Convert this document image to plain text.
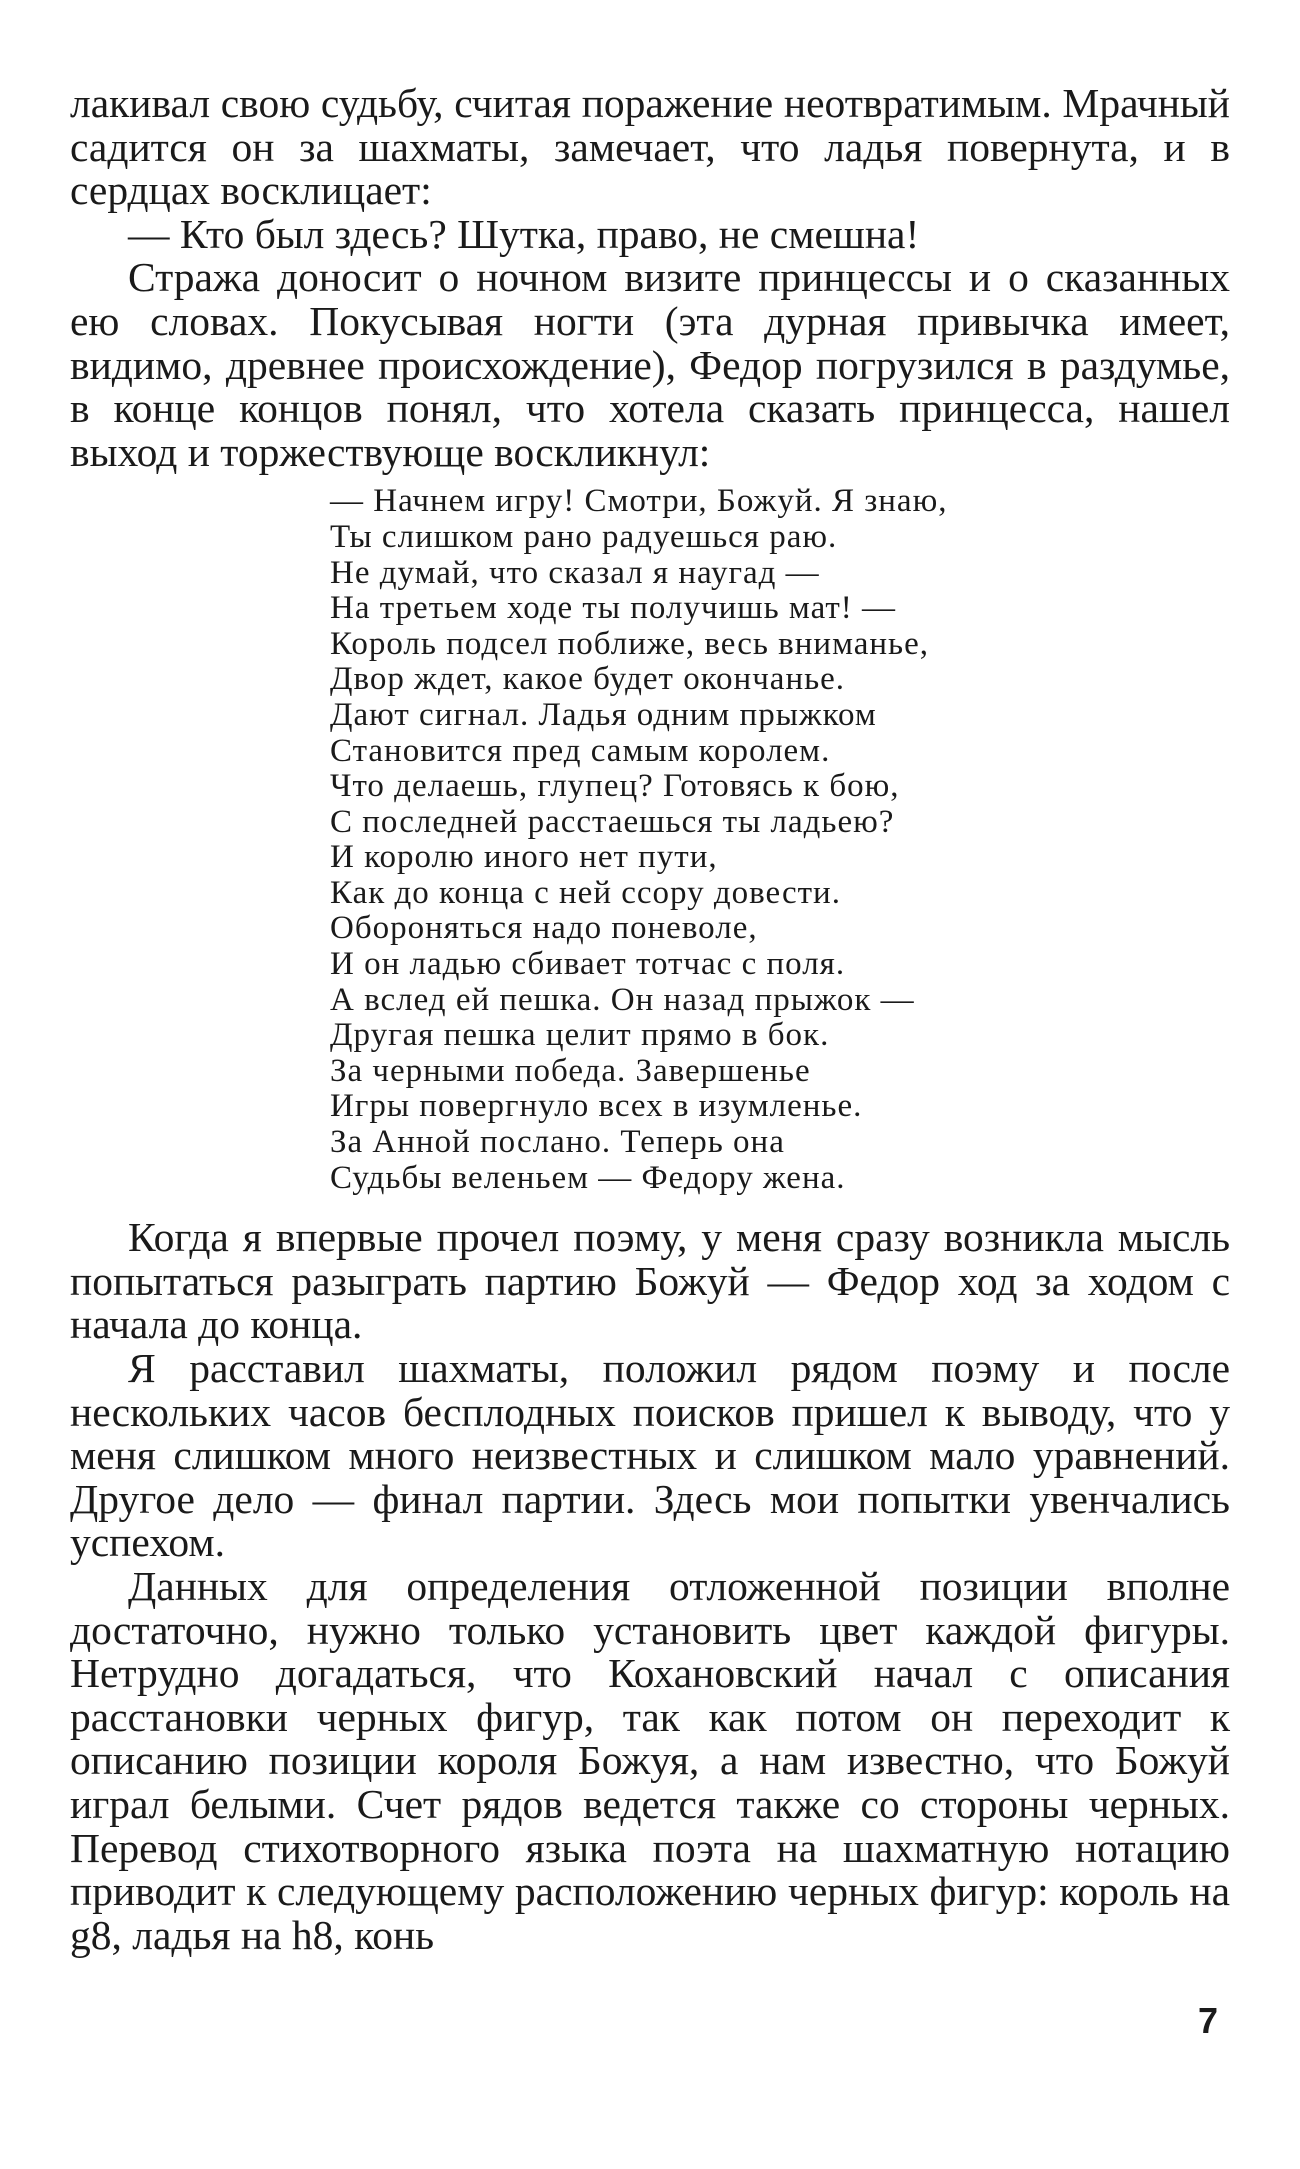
лакивал свою судьбу, считая поражение неотвратимым. Мрачный садится он за шахматы, замечает, что ладья повернута, и в сердцах восклицает:

— Кто был здесь? Шутка, право, не смешна!

Стража доносит о ночном визите принцессы и о сказанных ею словах. Покусывая ногти (эта дурная привычка имеет, видимо, древнее происхождение), Федор погрузился в раздумье, в конце концов понял, что хотела сказать принцесса, нашел выход и торжествующе воскликнул:

— Начнем игру! Смотри, Божуй. Я знаю,
Ты слишком рано радуешься раю.
Не думай, что сказал я наугад —
На третьем ходе ты получишь мат! —
Король подсел поближе, весь вниманье,
Двор ждет, какое будет окончанье.
Дают сигнал. Ладья одним прыжком
Становится пред самым королем.
Что делаешь, глупец? Готовясь к бою,
С последней расстаешься ты ладьею?
И королю иного нет пути,
Как до конца с ней ссору довести.
Обороняться надо поневоле,
И он ладью сбивает тотчас с поля.
А вслед ей пешка. Он назад прыжок —
Другая пешка целит прямо в бок.
За черными победа. Завершенье
Игры повергнуло всех в изумленье.
За Анной послано. Теперь она
Судьбы веленьем — Федору жена.

Когда я впервые прочел поэму, у меня сразу возникла мысль попытаться разыграть партию Божуй — Федор ход за ходом с начала до конца.

Я расставил шахматы, положил рядом поэму и после нескольких часов бесплодных поисков пришел к выводу, что у меня слишком много неизвестных и слишком мало уравнений. Другое дело — финал партии. Здесь мои попытки увенчались успехом.

Данных для определения отложенной позиции вполне достаточно, нужно только установить цвет каждой фигуры. Нетрудно догадаться, что Кохановский начал с описания расстановки черных фигур, так как потом он переходит к описанию позиции короля Божуя, а нам известно, что Божуй играл белыми. Счет рядов ведется также со стороны черных. Перевод стихотворного языка поэта на шахматную нотацию приводит к следующему расположению черных фигур: король на g8, ладья на h8, конь

7
